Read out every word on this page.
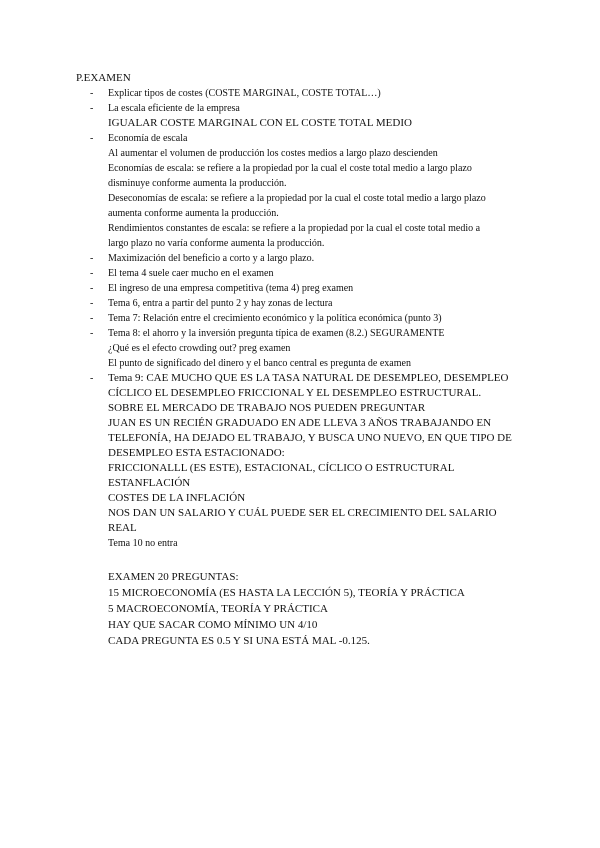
P.EXAMEN
- Explicar tipos de costes (COSTE MARGINAL, COSTE TOTAL…)
- La escala eficiente de la empresa
IGUALAR COSTE MARGINAL CON EL COSTE TOTAL MEDIO
- Economía de escala
Al aumentar el volumen de producción los costes medios a largo plazo descienden
Economías de escala: se refiere a la propiedad por la cual el coste total medio a largo plazo
disminuye conforme aumenta la producción.
Deseconomías de escala: se refiere a la propiedad por la cual el coste total medio a largo plazo
aumenta conforme aumenta la producción.
Rendimientos constantes de escala: se refiere a la propiedad por la cual el coste total medio a
largo plazo no varía conforme aumenta la producción.
- Maximización del beneficio a corto y a largo plazo.
- El tema 4 suele caer mucho en el examen
- El ingreso de una empresa competitiva (tema 4) preg examen
- Tema 6, entra a partir del punto 2 y hay zonas de lectura
- Tema 7: Relación entre el crecimiento económico y la política económica (punto 3)
- Tema 8: el ahorro y la inversión pregunta típica de examen (8.2.) SEGURAMENTE
¿Qué es el efecto crowding out? preg examen
El punto de significado del dinero y el banco central es pregunta de examen
- Tema 9: CAE MUCHO QUE ES LA TASA NATURAL DE DESEMPLEO, DESEMPLEO
CÍCLICO EL DESEMPLEO FRICCIONAL Y EL DESEMPLEO ESTRUCTURAL.
SOBRE EL MERCADO DE TRABAJO NOS PUEDEN PREGUNTAR
JUAN ES UN RECIÉN GRADUADO EN ADE LLEVA 3 AÑOS TRABAJANDO EN
TELEFONÍA, HA DEJADO EL TRABAJO, Y BUSCA UNO NUEVO, EN QUE TIPO DE
DESEMPLEO ESTA ESTACIONADO:
FRICCIONALLL (ES ESTE), ESTACIONAL, CÍCLICO O ESTRUCTURAL
ESTANFLACIÓN
COSTES DE LA INFLACIÓN
NOS DAN UN SALARIO Y CUÁL PUEDE SER EL CRECIMIENTO DEL SALARIO
REAL
Tema 10 no entra
EXAMEN 20 PREGUNTAS:
15 MICROECONOMÍA (ES HASTA LA LECCIÓN 5), TEORÍA Y PRÁCTICA
5 MACROECONOMÍA, TEORÍA Y PRÁCTICA
HAY QUE SACAR COMO MÍNIMO UN 4/10
CADA PREGUNTA ES 0.5 Y SI UNA ESTÁ MAL -0.125.
